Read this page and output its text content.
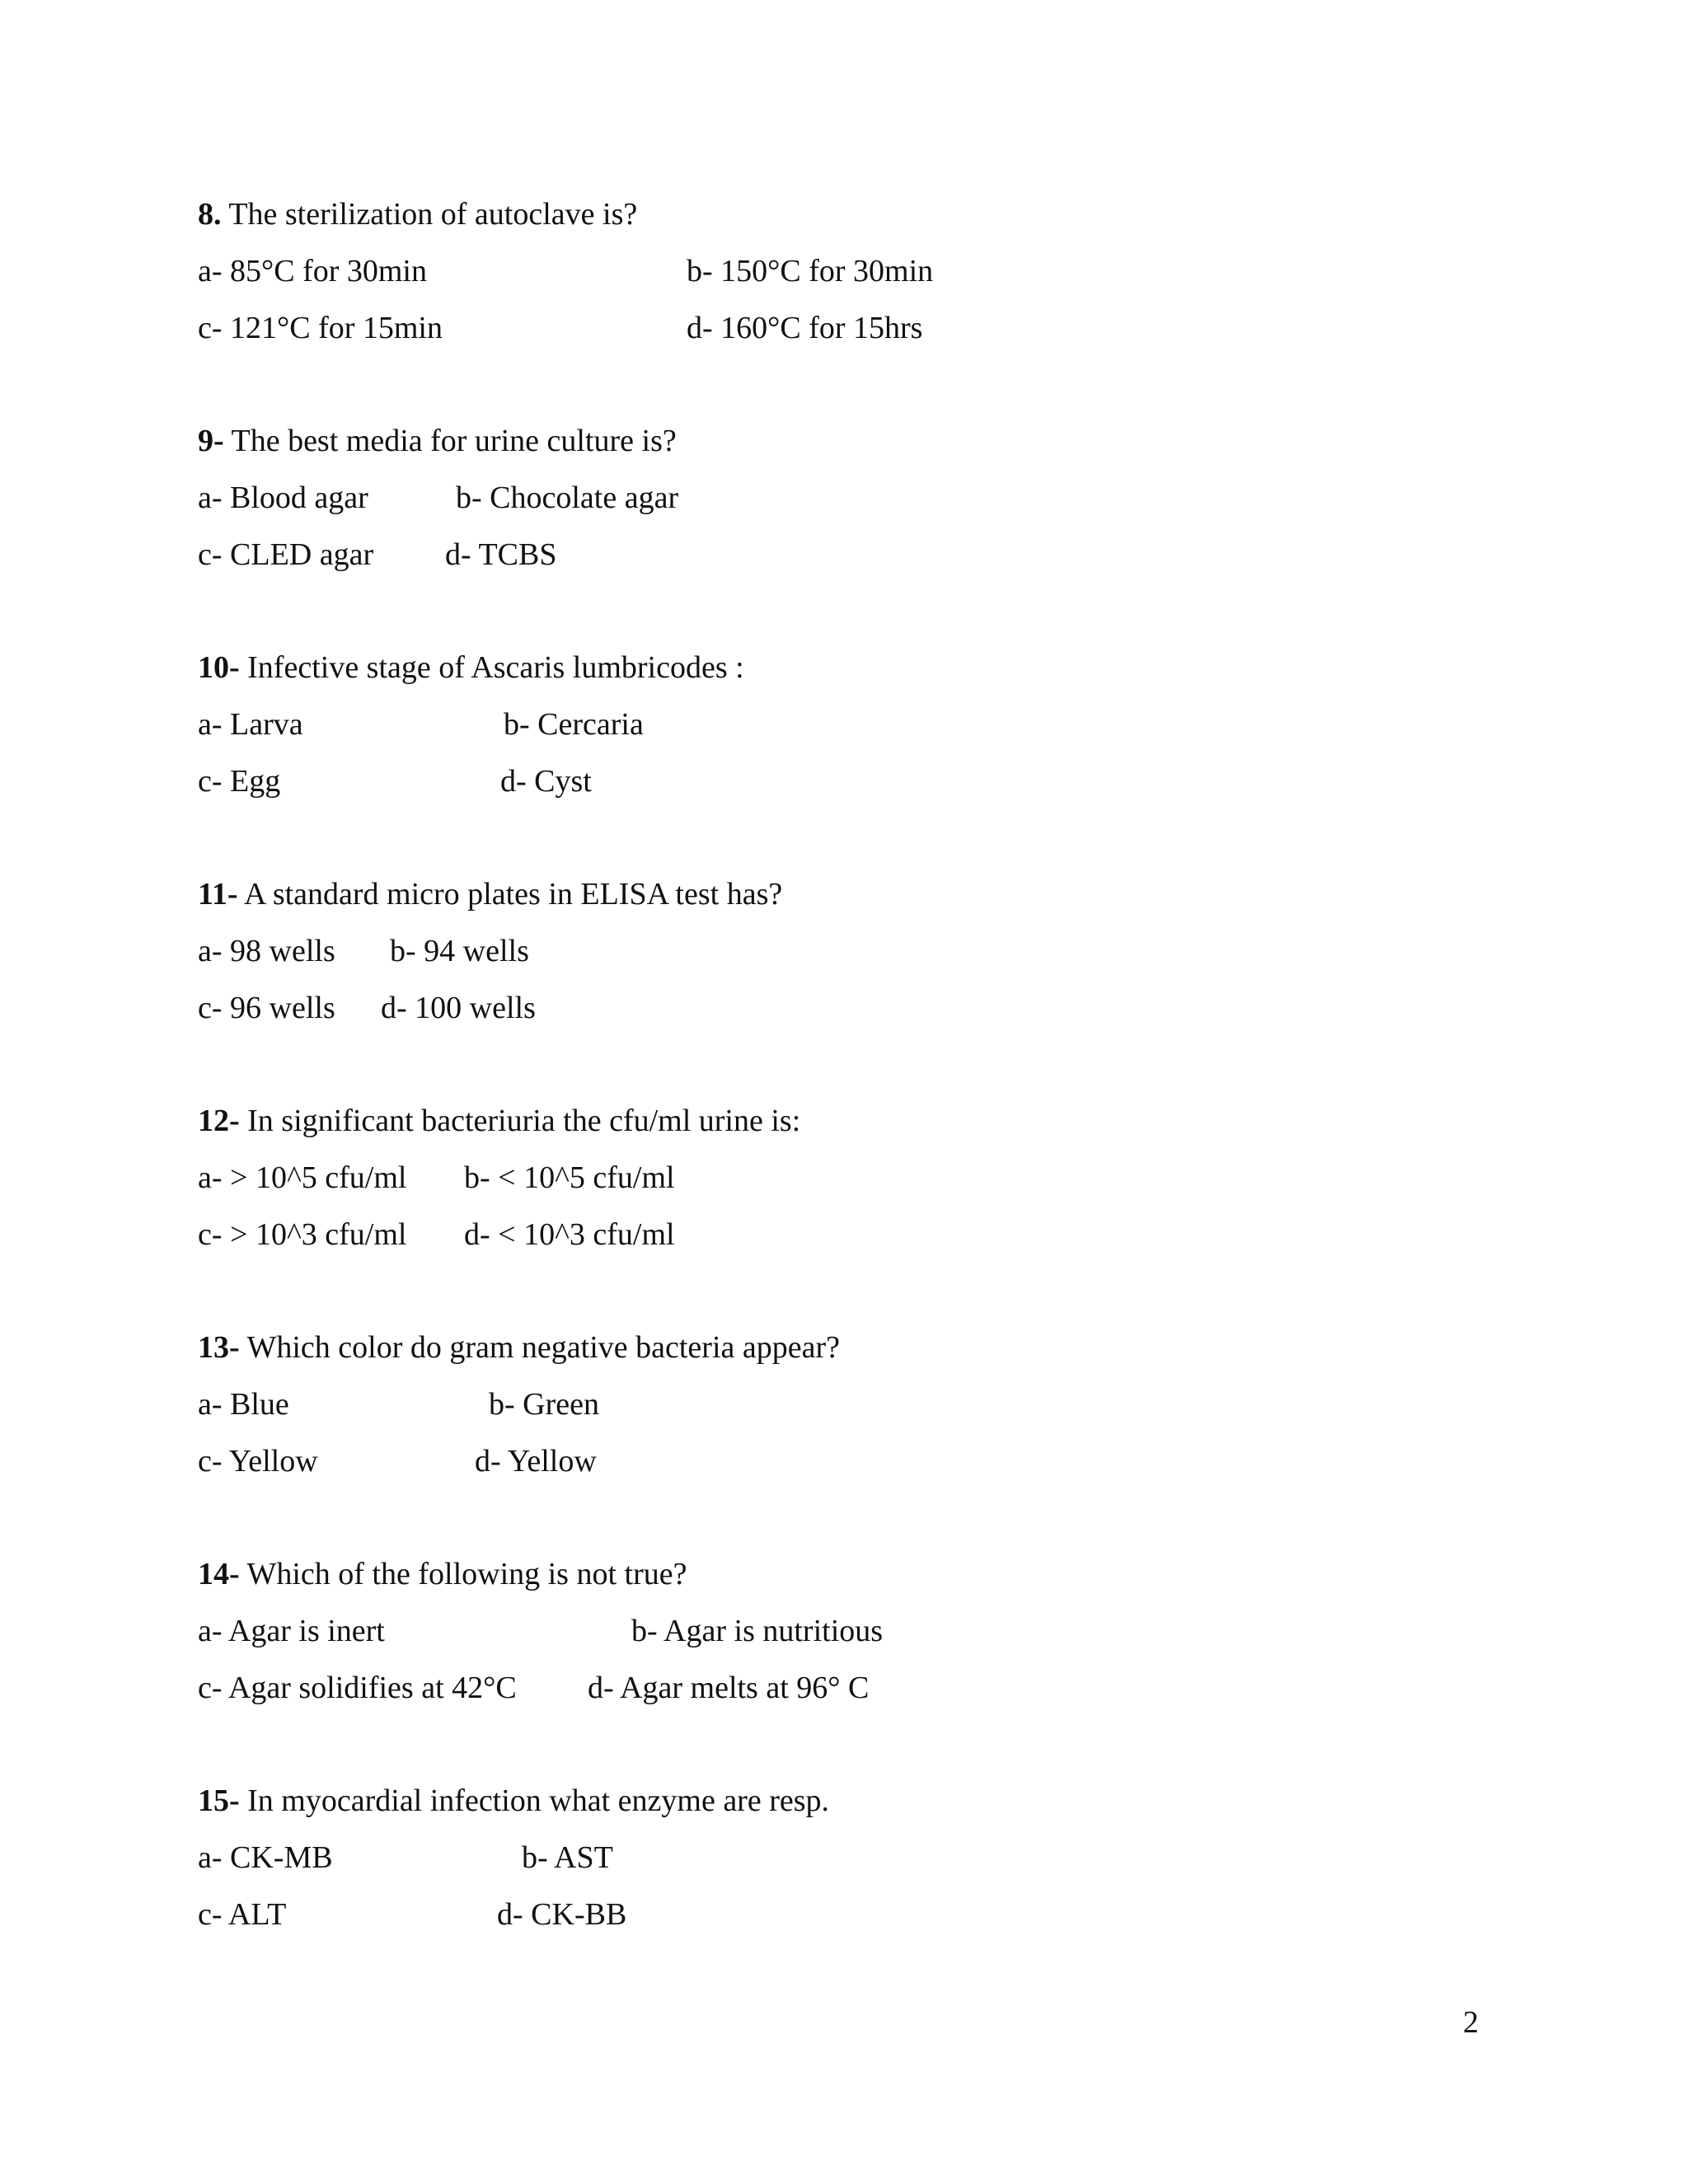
8. The sterilization of autoclave is?
a- 85°C for 30min	b- 150°C for 30min
c- 121°C for 15min	d- 160°C for 15hrs
9- The best media for urine culture is?
a- Blood agar	b- Chocolate agar
c- CLED agar d- TCBS
10- Infective stage of Ascaris lumbricodes :
a- Larva	b- Cercaria
c- Egg	d- Cyst
11- A standard micro plates in ELISA test has?
a- 98 wells b- 94 wells
c- 96 wells d- 100 wells
12- In significant bacteriuria the cfu/ml urine is:
a- > 10^5 cfu/ml b- < 10^5 cfu/ml
c- > 10^3 cfu/ml d- < 10^3 cfu/ml
13- Which color do gram negative bacteria appear?
a- Blue	b- Green
c- Yellow	d- Yellow
14- Which of the following is not true?
a- Agar is inert	b- Agar is nutritious
c- Agar solidifies at 42°C d- Agar melts at 96° C
15- In myocardial infection what enzyme are resp.
a- CK-MB	b- AST
c- ALT	d- CK-BB
2
